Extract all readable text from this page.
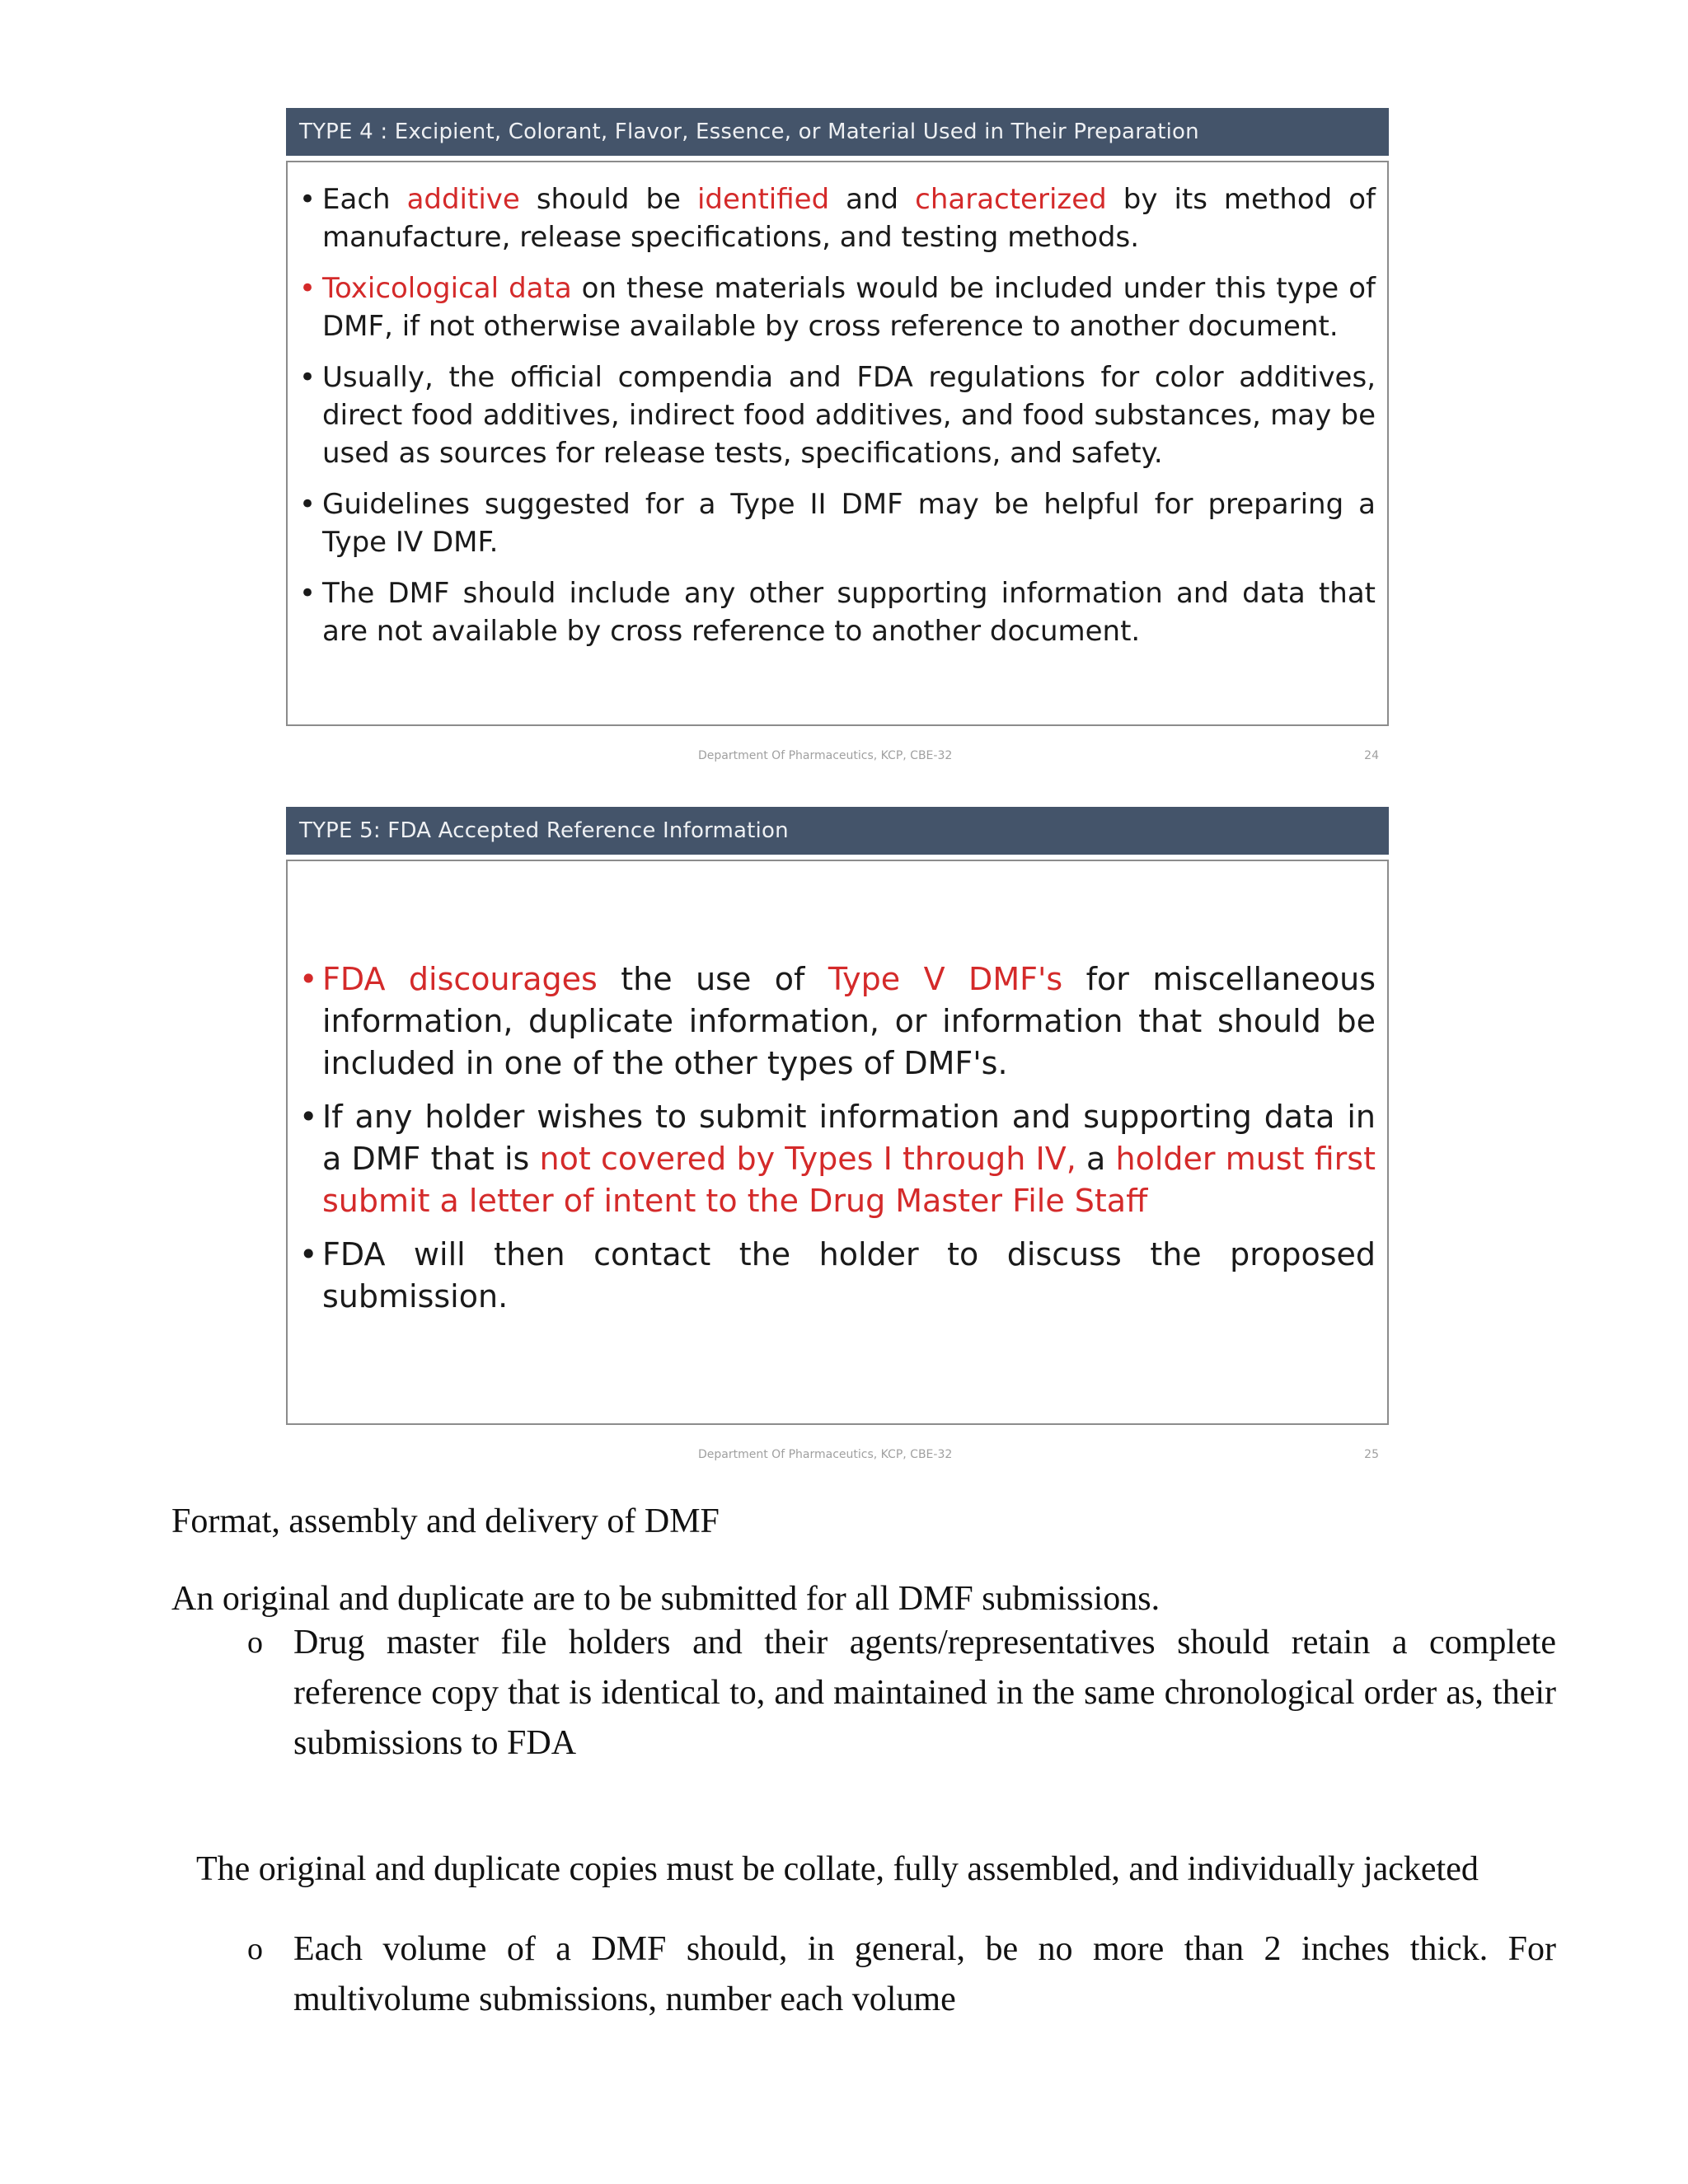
TYPE 4 : Excipient, Colorant, Flavor, Essence, or Material Used in Their Preparation
• Each additive should be identified and characterized by its method of manufacture, release specifications, and testing methods.
• Toxicological data on these materials would be included under this type of DMF, if not otherwise available by cross reference to another document.
• Usually, the official compendia and FDA regulations for color additives, direct food additives, indirect food additives, and food substances, may be used as sources for release tests, specifications, and safety.
• Guidelines suggested for a Type II DMF may be helpful for preparing a Type IV DMF.
• The DMF should include any other supporting information and data that are not available by cross reference to another document.
Department Of Pharmaceutics, KCP, CBE-32	24
TYPE 5: FDA Accepted Reference Information
• FDA discourages the use of Type V DMF's for miscellaneous information, duplicate information, or information that should be included in one of the other types of DMF's.
• If any holder wishes to submit information and supporting data in a DMF that is not covered by Types I through IV, a holder must first submit a letter of intent to the Drug Master File Staff
• FDA will then contact the holder to discuss the proposed submission.
Department Of Pharmaceutics, KCP, CBE-32	25

Format, assembly and delivery of DMF

An original and duplicate are to be submitted for all DMF submissions.

o Drug master file holders and their agents/representatives should retain a complete reference copy that is identical to, and maintained in the same chronological order as, their submissions to FDA

The original and duplicate copies must be collate, fully assembled, and individually jacketed

o Each volume of a DMF should, in general, be no more than 2 inches thick. For multivolume submissions, number each volume
